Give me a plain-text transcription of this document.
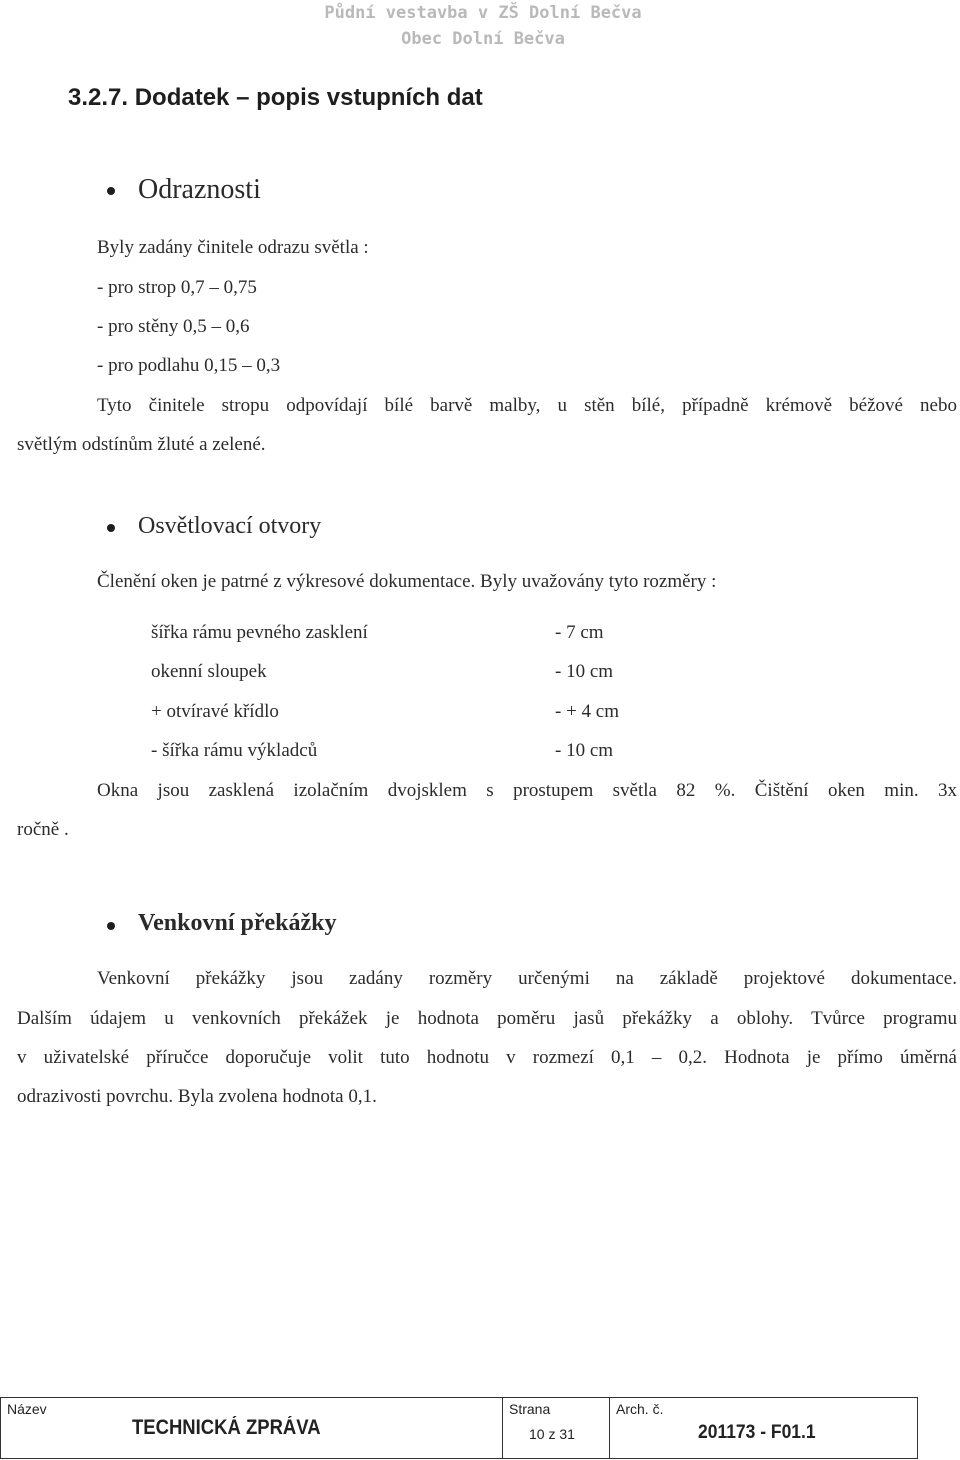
Půdní vestavba v ZŠ Dolní Bečva
Obec Dolní Bečva
3.2.7. Dodatek – popis vstupních dat
Odraznosti
Byly zadány činitele odrazu světla :
- pro strop 0,7 – 0,75
- pro stěny 0,5 – 0,6
- pro podlahu 0,15 – 0,3
Tyto činitele stropu odpovídají bílé barvě malby, u stěn bílé, případně krémově béžové nebo
světlým odstínům žluté a zelené.
Osvětlovací otvory
Členění oken je patrné z výkresové dokumentace. Byly uvažovány tyto rozměry :
šířka rámu pevného zasklení	- 7 cm
okenní sloupek	- 10 cm
+ otvíravé křídlo	- + 4 cm
- šířka rámu výkladců	- 10 cm
Okna jsou zasklená izolačním dvojsklem s prostupem světla 82 %. Čištění oken min. 3x
ročně .
Venkovní překážky
Venkovní překážky jsou zadány rozměry určenými na základě projektové dokumentace.
Dalším údajem u venkovních překážek je hodnota poměru jasů překážky a oblohy. Tvůrce programu
v uživatelské příručce doporučuje volit tuto hodnotu v rozmezí 0,1 – 0,2. Hodnota je přímo úměrná
odrazivosti povrchu. Byla zvolena hodnota 0,1.
Název
TECHNICKÁ ZPRÁVA
Strana
10 z 31
Arch. č.
201173 - F01.1
